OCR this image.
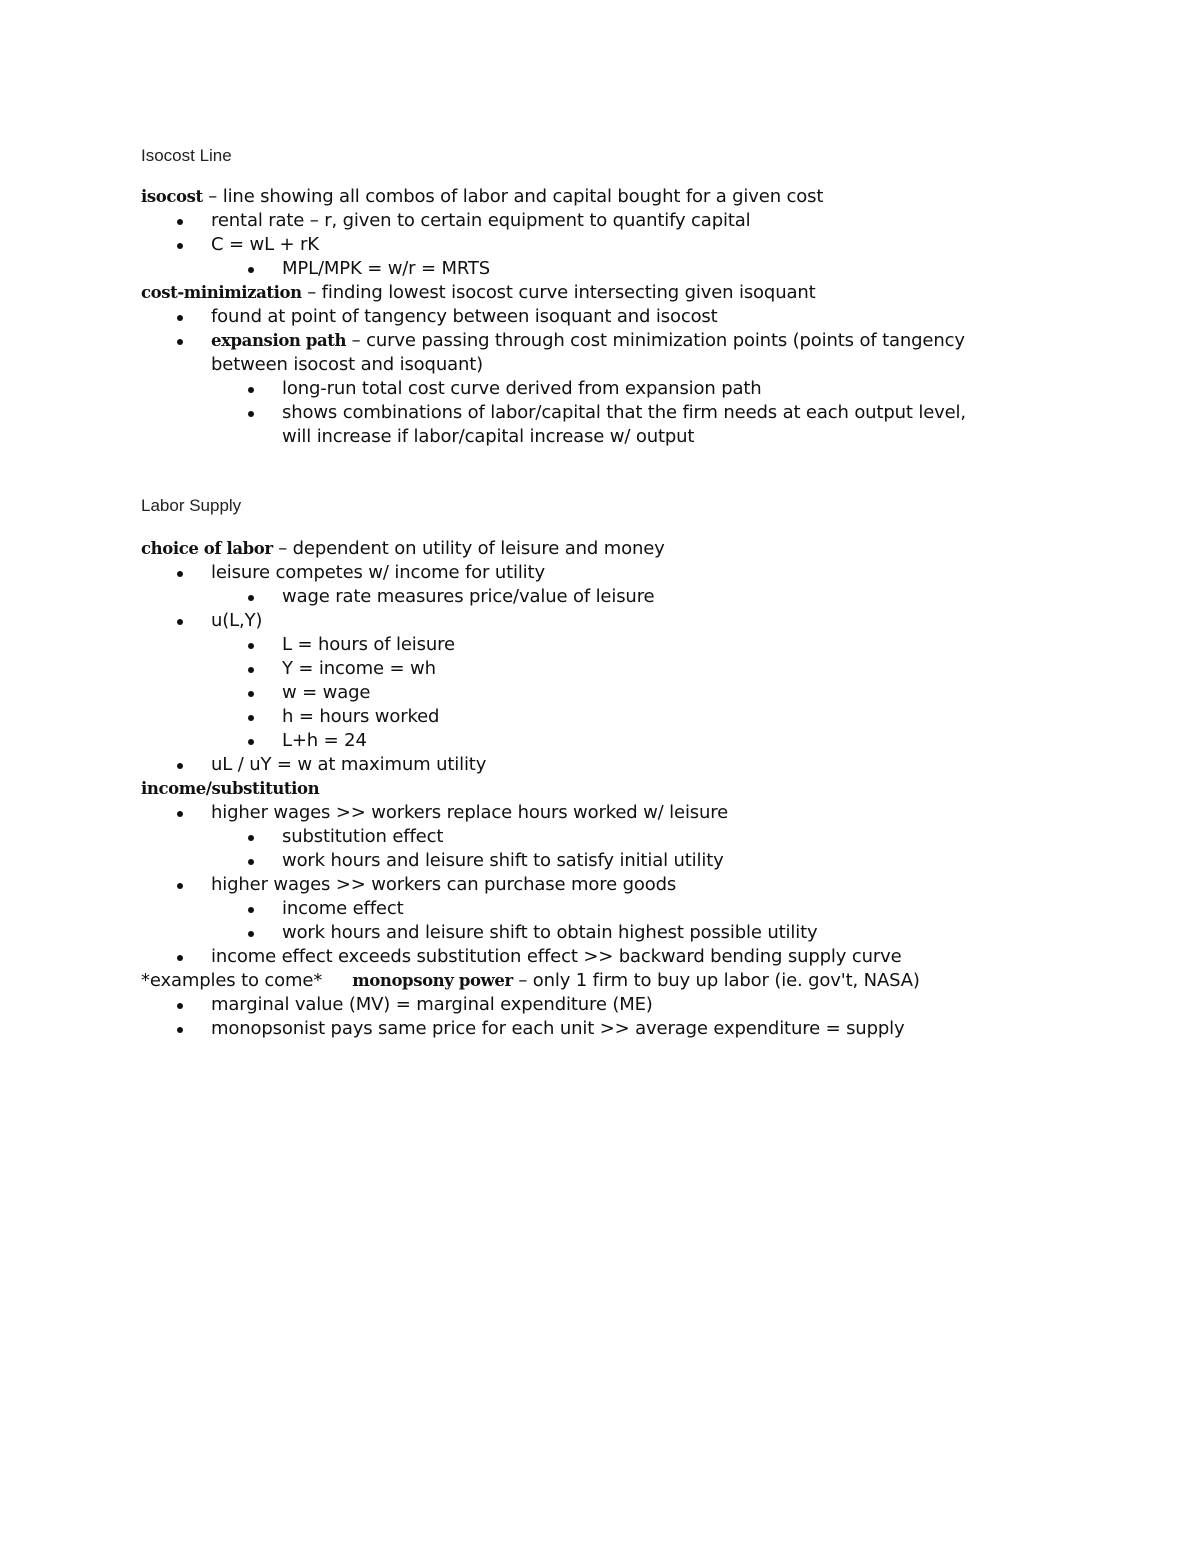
Isocost Line
isocost – line showing all combos of labor and capital bought for a given cost
rental rate – r, given to certain equipment to quantify capital
C = wL + rK
MPL/MPK = w/r = MRTS
cost-minimization – finding lowest isocost curve intersecting given isoquant
found at point of tangency between isoquant and isocost
expansion path – curve passing through cost minimization points (points of tangency
between isocost and isoquant)
long-run total cost curve derived from expansion path
shows combinations of labor/capital that the firm needs at each output level,
will increase if labor/capital increase w/ output
Labor Supply
choice of labor – dependent on utility of leisure and money
leisure competes w/ income for utility
wage rate measures price/value of leisure
u(L,Y)
L = hours of leisure
Y = income = wh
w = wage
h = hours worked
L+h = 24
uL / uY = w at maximum utility
income/substitution
higher wages >> workers replace hours worked w/ leisure
substitution effect
work hours and leisure shift to satisfy initial utility
higher wages >> workers can purchase more goods
income effect
work hours and leisure shift to obtain highest possible utility
income effect exceeds substitution effect >> backward bending supply curve
*examples to come* monopsony power – only 1 firm to buy up labor (ie. gov't, NASA)
marginal value (MV) = marginal expenditure (ME)
monopsonist pays same price for each unit >> average expenditure = supply
